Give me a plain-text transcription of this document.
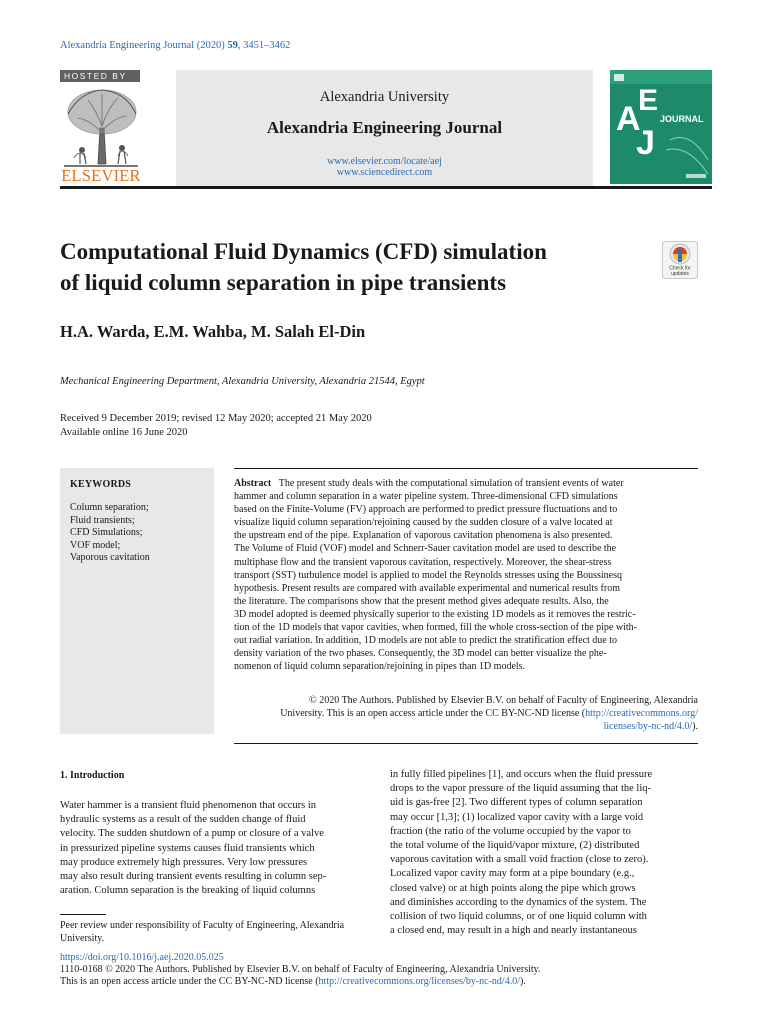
Alexandria Engineering Journal (2020) 59, 3451–3462
HOSTED BY
ELSEVIER
Alexandria University
Alexandria Engineering Journal
www.elsevier.com/locate/aej
www.sciencedirect.com
A
E
J
JOURNAL
Computational Fluid Dynamics (CFD) simulation
of liquid column separation in pipe transients
Check for
updates
H.A. Warda, E.M. Wahba, M. Salah El-Din
Mechanical Engineering Department, Alexandria University, Alexandria 21544, Egypt
Received 9 December 2019; revised 12 May 2020; accepted 21 May 2020
Available online 16 June 2020
KEYWORDS
Column separation;
Fluid transients;
CFD Simulations;
VOF model;
Vaporous cavitation
Abstract The present study deals with the computational simulation of transient events of water
hammer and column separation in a water pipeline system. Three-dimensional CFD simulations
based on the Finite-Volume (FV) approach are performed to predict pressure fluctuations and to
visualize liquid column separation/rejoining caused by the sudden closure of a valve located at
the upstream end of the pipe. Explanation of vaporous cavitation phenomena is also presented.
The Volume of Fluid (VOF) model and Schnerr-Sauer cavitation model are used to describe the
multiphase flow and the transient vaporous cavitation, respectively. Moreover, the shear-stress
transport (SST) turbulence model is applied to model the Reynolds stresses using the Boussinesq
hypothesis. Present results are compared with available experimental and numerical results from
the literature. The comparisons show that the present method gives adequate results. Also, the
3D model adopted is deemed physically superior to the existing 1D models as it removes the restric-
tion of the 1D models that vapor cavities, when formed, fill the whole cross-section of the pipe with-
out radial variation. In addition, 1D models are not able to predict the stratification effect due to
density variation of the two phases. Consequently, the 3D model can better visualize the phe-
nomenon of liquid column separation/rejoining in pipes than 1D models.
© 2020 The Authors. Published by Elsevier B.V. on behalf of Faculty of Engineering, Alexandria
University. This is an open access article under the CC BY-NC-ND license (http://creativecommons.org/
licenses/by-nc-nd/4.0/).
1. Introduction
Water hammer is a transient fluid phenomenon that occurs in
hydraulic systems as a result of the sudden change of fluid
velocity. The sudden shutdown of a pump or closure of a valve
in pressurized pipeline systems causes fluid transients which
may produce extremely high pressures. Very low pressures
may also result during transient events resulting in column sep-
aration. Column separation is the breaking of liquid columns
in fully filled pipelines [1], and occurs when the fluid pressure
drops to the vapor pressure of the liquid assuming that the liq-
uid is gas-free [2]. Two different types of column separation
may occur [1,3]; (1) localized vapor cavity with a large void
fraction (the ratio of the volume occupied by the vapor to
the total volume of the liquid/vapor mixture, (2) distributed
vaporous cavitation with a small void fraction (close to zero).
Localized vapor cavity may form at a pipe boundary (e.g.,
closed valve) or at high points along the pipe which grows
and diminishes according to the dynamics of the system. The
collision of two liquid columns, or of one liquid column with
a closed end, may result in a high and nearly instantaneous
Peer review under responsibility of Faculty of Engineering, Alexandria
University.
https://doi.org/10.1016/j.aej.2020.05.025
1110-0168 © 2020 The Authors. Published by Elsevier B.V. on behalf of Faculty of Engineering, Alexandria University.
This is an open access article under the CC BY-NC-ND license (http://creativecommons.org/licenses/by-nc-nd/4.0/).
